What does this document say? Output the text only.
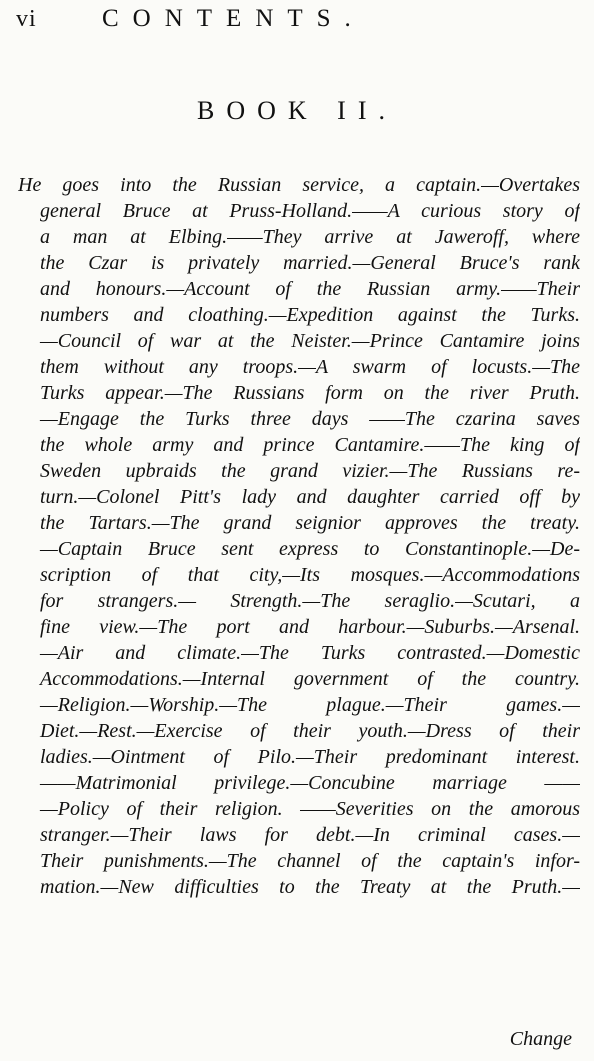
vi	CONTENTS.
BOOK II.
He goes into the Russian service, a captain.—Overtakes
general Bruce at Pruss-Holland.——A curious story of
a man at Elbing.——They arrive at Jaweroff, where
the Czar is privately married.—General Bruce's rank
and honours.—Account of the Russian army.——Their
numbers and cloathing.—Expedition against the Turks.
—Council of war at the Neister.—Prince Cantamire joins
them without any troops.—A swarm of locusts.—The
Turks appear.—The Russians form on the river Pruth.
—Engage the Turks three days ——The czarina saves
the whole army and prince Cantamire.——The king of
Sweden upbraids the grand vizier.—The Russians re-
turn.—Colonel Pitt's lady and daughter carried off by
the Tartars.—The grand seignior approves the treaty.
—Captain Bruce sent express to Constantinople.—De-
scription of that city,—Its mosques.—Accommodations
for strangers.— Strength.—The seraglio.—Scutari, a
fine view.—The port and harbour.—Suburbs.—Arsenal.
—Air and climate.—The Turks contrasted.—Domestic
Accommodations.—Internal government of the country.
—Religion.—Worship.—The plague.—Their games.—
Diet.—Rest.—Exercise of their youth.—Dress of their
ladies.—Ointment of Pilo.—Their predominant interest.
——Matrimonial privilege.—Concubine marriage ——
—Policy of their religion. ——Severities on the amorous
stranger.—Their laws for debt.—In criminal cases.—
Their punishments.—The channel of the captain's infor-
mation.—New difficulties to the Treaty at the Pruth.—
Change
